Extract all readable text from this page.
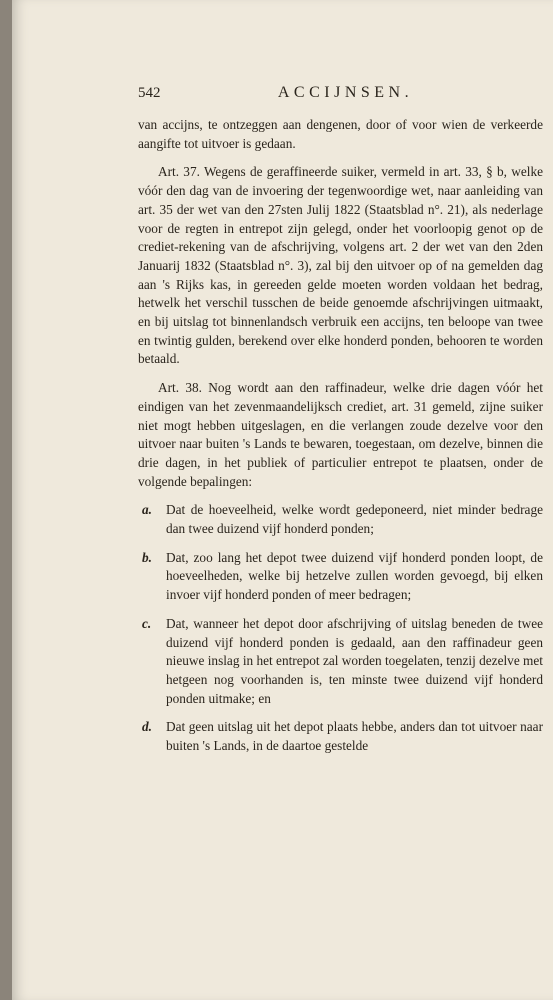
542	ACCIJNSEN.

van accijns, te ontzeggen aan dengenen, door of voor wien de verkeerde aangifte tot uitvoer is gedaan.

Art. 37. Wegens de geraffineerde suiker, vermeld in art. 33, § b, welke vóór den dag van de invoering der tegenwoordige wet, naar aanleiding van art. 35 der wet van den 27sten Julij 1822 (Staatsblad n°. 21), als nederlage voor de regten in entrepot zijn gelegd, onder het voorloopig genot op de crediet-rekening van de afschrijving, volgens art. 2 der wet van den 2den Januarij 1832 (Staatsblad n°. 3), zal bij den uitvoer op of na gemelden dag aan 's Rijks kas, in gereeden gelde moeten worden voldaan het bedrag, hetwelk het verschil tusschen de beide genoemde afschrijvingen uitmaakt, en bij uitslag tot binnenlandsch verbruik een accijns, ten beloope van twee en twintig gulden, berekend over elke honderd ponden, behooren te worden betaald.

Art. 38. Nog wordt aan den raffinadeur, welke drie dagen vóór het eindigen van het zevenmaandelijksch crediet, art. 31 gemeld, zijne suiker niet mogt hebben uitgeslagen, en die verlangen zoude dezelve voor den uitvoer naar buiten 's Lands te bewaren, toegestaan, om dezelve, binnen die drie dagen, in het publiek of particulier entrepot te plaatsen, onder de volgende bepalingen:

a. Dat de hoeveelheid, welke wordt gedeponeerd, niet minder bedrage dan twee duizend vijf honderd ponden;
b. Dat, zoo lang het depot twee duizend vijf honderd ponden loopt, de hoeveelheden, welke bij hetzelve zullen worden gevoegd, bij elken invoer vijf honderd ponden of meer bedragen;
c. Dat, wanneer het depot door afschrijving of uitslag beneden de twee duizend vijf honderd ponden is gedaald, aan den raffinadeur geen nieuwe inslag in het entrepot zal worden toegelaten, tenzij dezelve met hetgeen nog voorhanden is, ten minste twee duizend vijf honderd ponden uitmake; en
d. Dat geen uitslag uit het depot plaats hebbe, anders dan tot uitvoer naar buiten 's Lands, in de daartoe gestelde
